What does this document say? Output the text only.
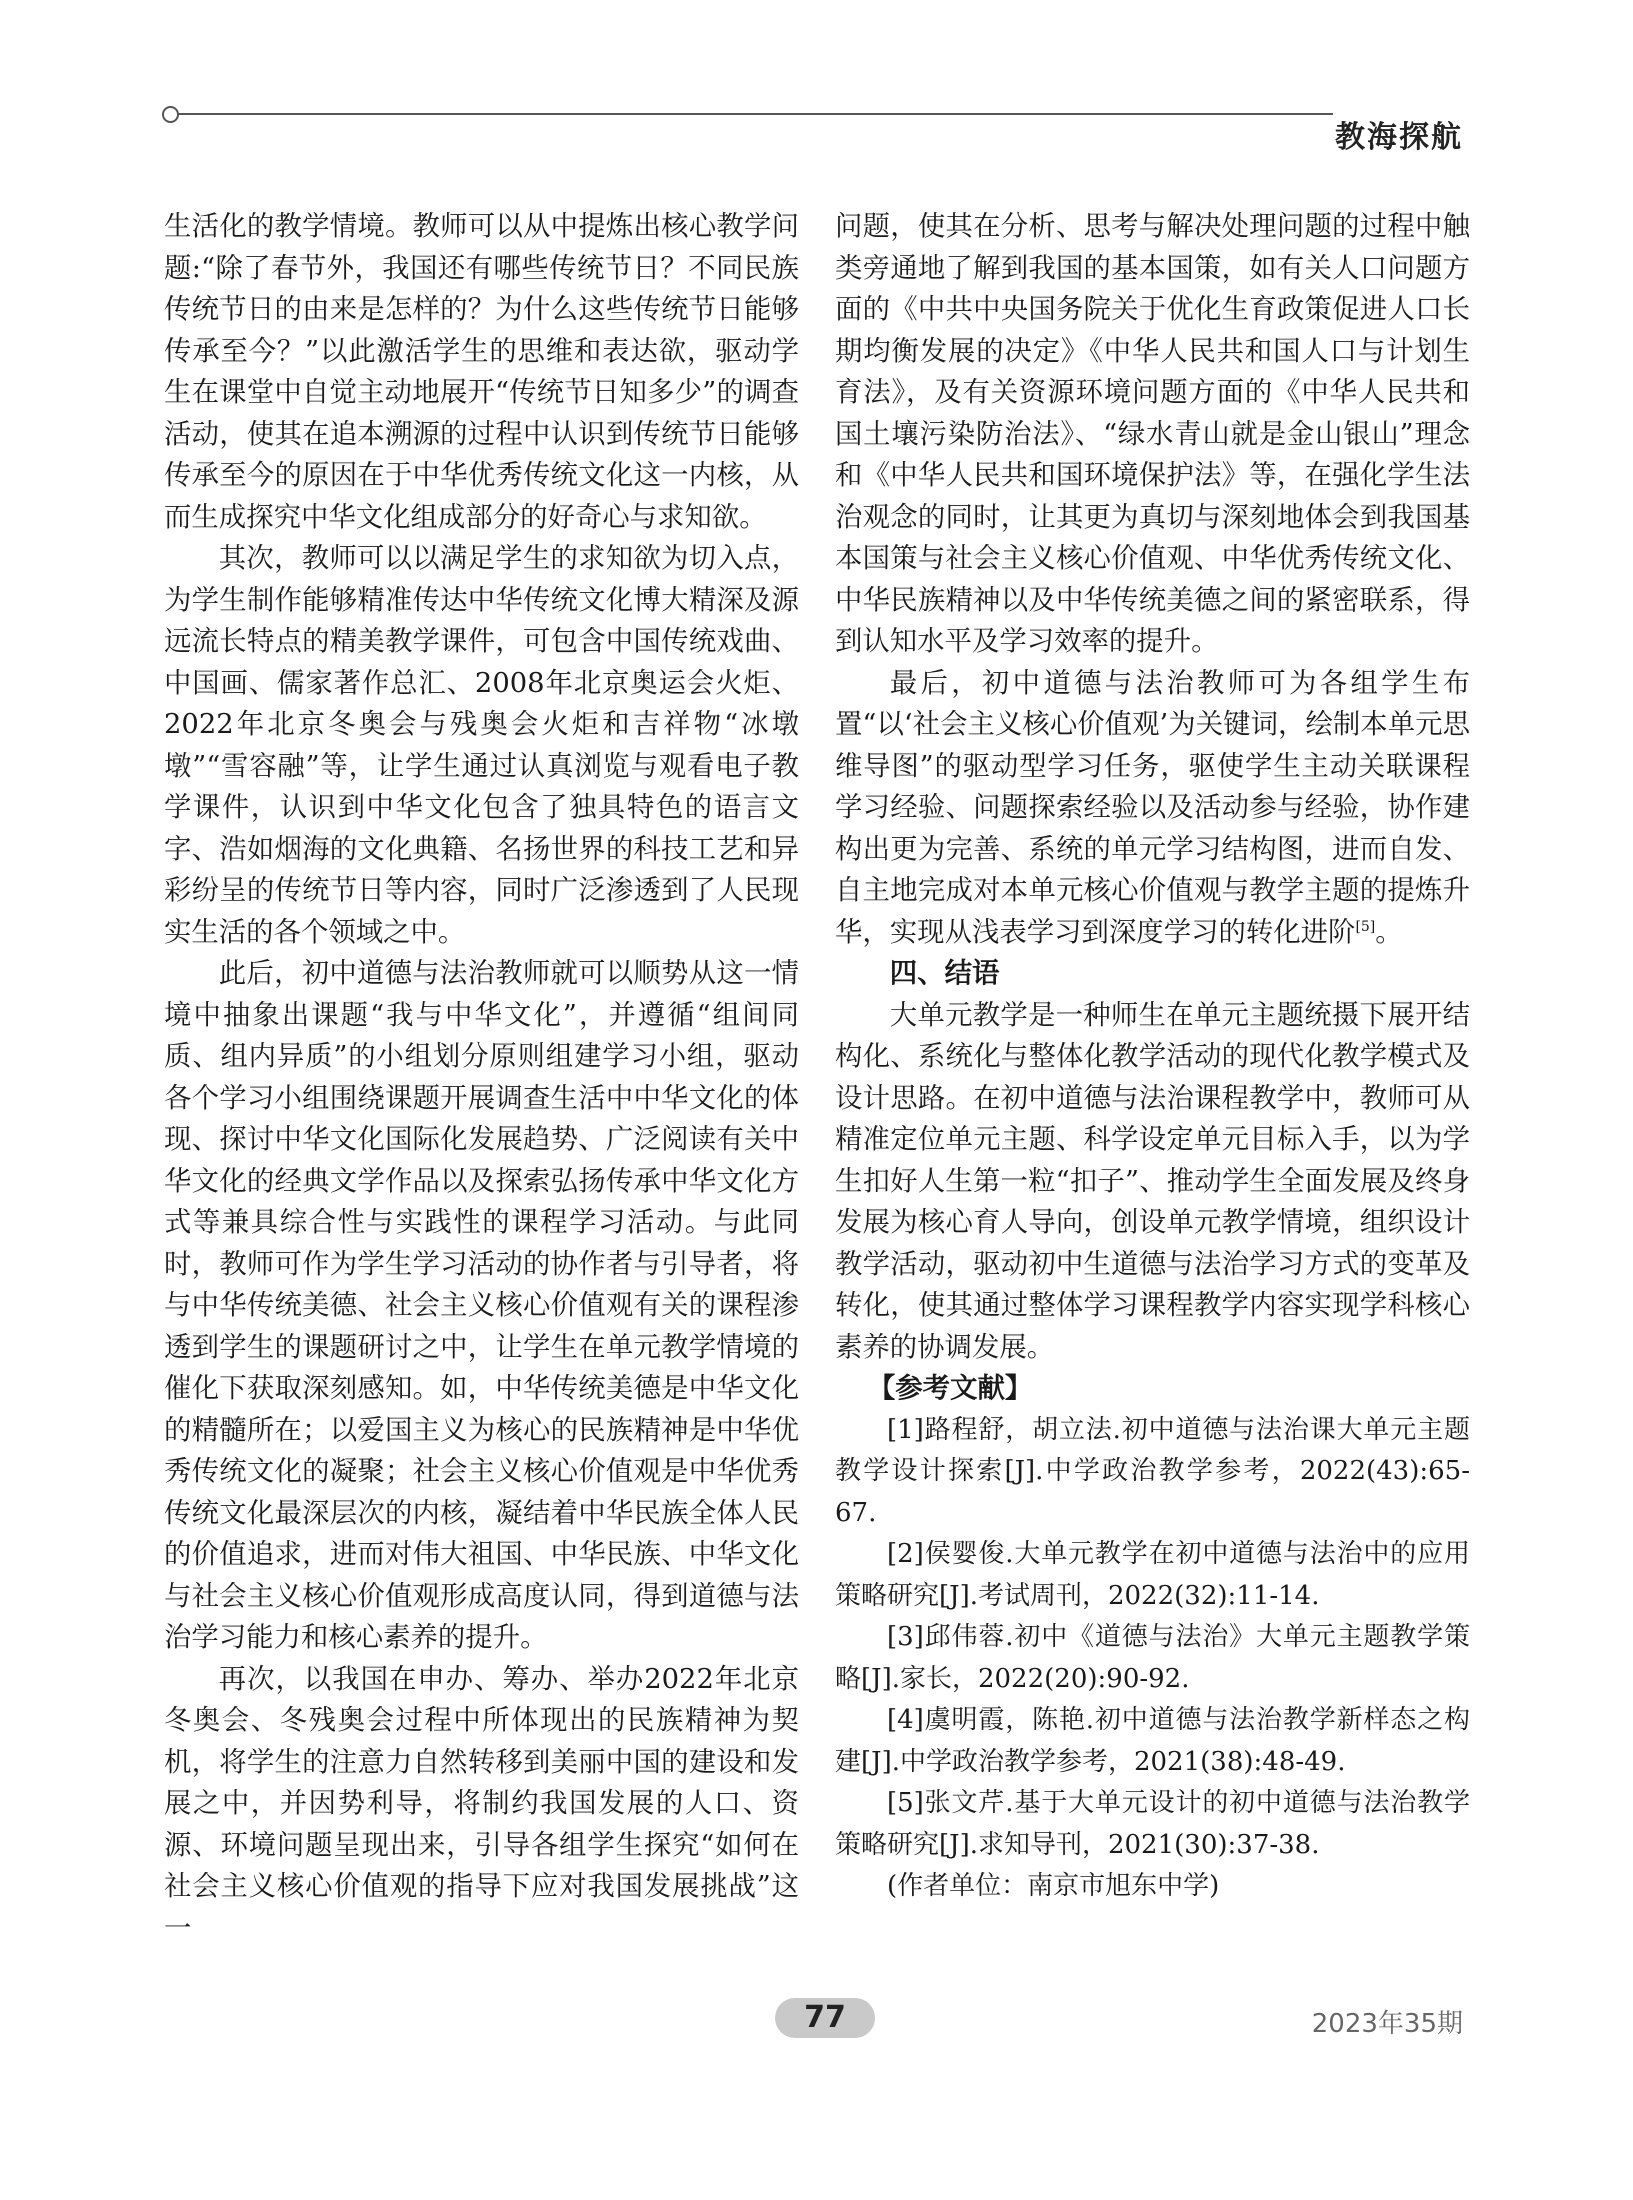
教海探航

生活化的教学情境。教师可以从中提炼出核心教学问题:“除了春节外，我国还有哪些传统节日？不同民族传统节日的由来是怎样的？为什么这些传统节日能够传承至今？”以此激活学生的思维和表达欲，驱动学生在课堂中自觉主动地展开“传统节日知多少”的调查活动，使其在追本溯源的过程中认识到传统节日能够传承至今的原因在于中华优秀传统文化这一内核，从而生成探究中华文化组成部分的好奇心与求知欲。

其次，教师可以以满足学生的求知欲为切入点，为学生制作能够精准传达中华传统文化博大精深及源远流长特点的精美教学课件，可包含中国传统戏曲、中国画、儒家著作总汇、2008年北京奥运会火炬、2022年北京冬奥会与残奥会火炬和吉祥物“冰墩墩”“雪容融”等，让学生通过认真浏览与观看电子教学课件，认识到中华文化包含了独具特色的语言文字、浩如烟海的文化典籍、名扬世界的科技工艺和异彩纷呈的传统节日等内容，同时广泛渗透到了人民现实生活的各个领域之中。

此后，初中道德与法治教师就可以顺势从这一情境中抽象出课题“我与中华文化”，并遵循“组间同质、组内异质”的小组划分原则组建学习小组，驱动各个学习小组围绕课题开展调查生活中中华文化的体现、探讨中华文化国际化发展趋势、广泛阅读有关中华文化的经典文学作品以及探索弘扬传承中华文化方式等兼具综合性与实践性的课程学习活动。与此同时，教师可作为学生学习活动的协作者与引导者，将与中华传统美德、社会主义核心价值观有关的课程渗透到学生的课题研讨之中，让学生在单元教学情境的催化下获取深刻感知。如，中华传统美德是中华文化的精髓所在；以爱国主义为核心的民族精神是中华优秀传统文化的凝聚；社会主义核心价值观是中华优秀传统文化最深层次的内核，凝结着中华民族全体人民的价值追求，进而对伟大祖国、中华民族、中华文化与社会主义核心价值观形成高度认同，得到道德与法治学习能力和核心素养的提升。

再次，以我国在申办、筹办、举办2022年北京冬奥会、冬残奥会过程中所体现出的民族精神为契机，将学生的注意力自然转移到美丽中国的建设和发展之中，并因势利导，将制约我国发展的人口、资源、环境问题呈现出来，引导各组学生探究“如何在社会主义核心价值观的指导下应对我国发展挑战”这一

问题，使其在分析、思考与解决处理问题的过程中触类旁通地了解到我国的基本国策，如有关人口问题方面的《中共中央国务院关于优化生育政策促进人口长期均衡发展的决定》《中华人民共和国人口与计划生育法》，及有关资源环境问题方面的《中华人民共和国土壤污染防治法》、“绿水青山就是金山银山”理念和《中华人民共和国环境保护法》等，在强化学生法治观念的同时，让其更为真切与深刻地体会到我国基本国策与社会主义核心价值观、中华优秀传统文化、中华民族精神以及中华传统美德之间的紧密联系，得到认知水平及学习效率的提升。

最后，初中道德与法治教师可为各组学生布置“以‘社会主义核心价值观’为关键词，绘制本单元思维导图”的驱动型学习任务，驱使学生主动关联课程学习经验、问题探索经验以及活动参与经验，协作建构出更为完善、系统的单元学习结构图，进而自发、自主地完成对本单元核心价值观与教学主题的提炼升华，实现从浅表学习到深度学习的转化进阶[5]。

四、结语

大单元教学是一种师生在单元主题统摄下展开结构化、系统化与整体化教学活动的现代化教学模式及设计思路。在初中道德与法治课程教学中，教师可从精准定位单元主题、科学设定单元目标入手，以为学生扣好人生第一粒“扣子”、推动学生全面发展及终身发展为核心育人导向，创设单元教学情境，组织设计教学活动，驱动初中生道德与法治学习方式的变革及转化，使其通过整体学习课程教学内容实现学科核心素养的协调发展。

【参考文献】

[1]路程舒，胡立法.初中道德与法治课大单元主题教学设计探索[J].中学政治教学参考，2022(43):65-67.

[2]侯婴俊.大单元教学在初中道德与法治中的应用策略研究[J].考试周刊，2022(32):11-14.

[3]邱伟蓉.初中《道德与法治》大单元主题教学策略[J].家长，2022(20):90-92.

[4]虞明霞，陈艳.初中道德与法治教学新样态之构建[J].中学政治教学参考，2021(38):48-49.

[5]张文芹.基于大单元设计的初中道德与法治教学策略研究[J].求知导刊，2021(30):37-38.

(作者单位：南京市旭东中学)

77	2023年35期
